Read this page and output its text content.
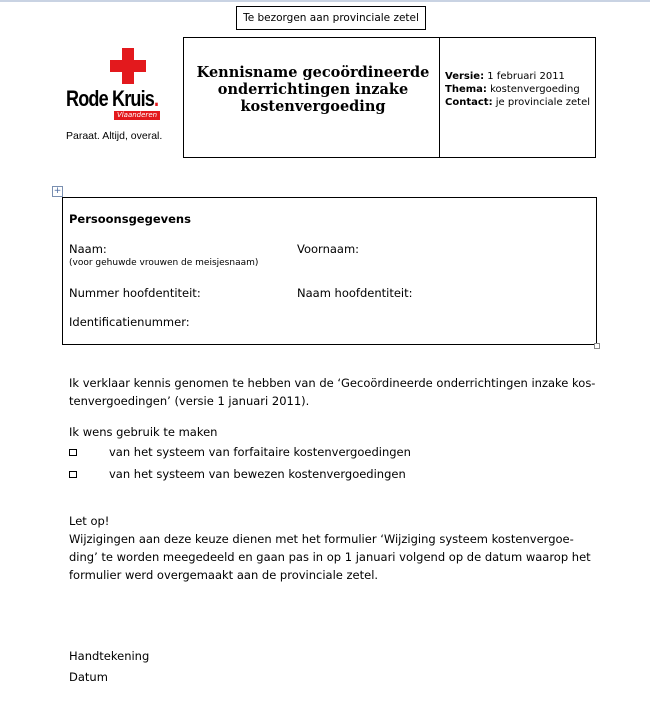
Te bezorgen aan provinciale zetel
Rode Kruis.
Vlaanderen
Paraat. Altijd, overal.
Kennisname gecoördineerde
onderrichtingen inzake
kostenvergoeding
Versie: 1 februari 2011
Thema: kostenvergoeding
Contact: je provinciale zetel
+
Persoonsgegevens
Naam:
(voor gehuwde vrouwen de meisjesnaam)
Voornaam:
Nummer hoofdentiteit:	Naam hoofdentiteit:
Identificatienummer:
Ik verklaar kennis genomen te hebben van de ‘Gecoördineerde onderrichtingen inzake kos-
tenvergoedingen’ (versie 1 januari 2011).
Ik wens gebruik te maken
van het systeem van forfaitaire kostenvergoedingen
van het systeem van bewezen kostenvergoedingen
Let op!
Wijzigingen aan deze keuze dienen met het formulier ‘Wijziging systeem kostenvergoe-
ding’ te worden meegedeeld en gaan pas in op 1 januari volgend op de datum waarop het
formulier werd overgemaakt aan de provinciale zetel.
Handtekening
Datum
